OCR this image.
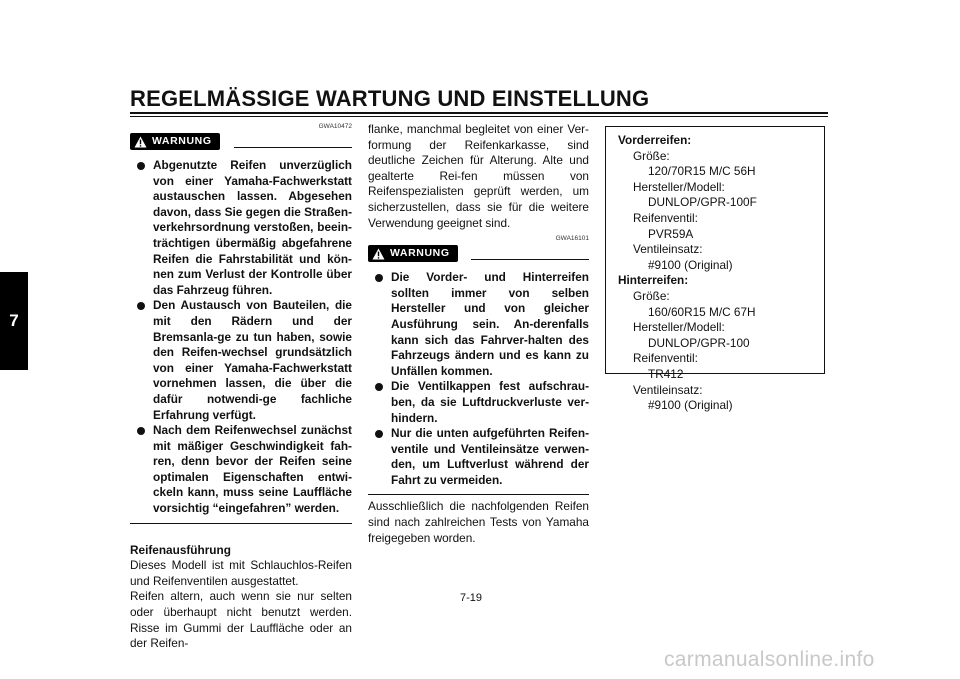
REGELMÄSSIGE WARTUNG UND EINSTELLUNG
7
GWA10472
WARNUNG
Abgenutzte Reifen unverzüglich von einer Yamaha-Fachwerkstatt austauschen lassen. Abgesehen davon, dass Sie gegen die Straßen-verkehrsordnung verstoßen, beein-trächtigen übermäßig abgefahrene Reifen die Fahrstabilität und kön-nen zum Verlust der Kontrolle über das Fahrzeug führen.
Den Austausch von Bauteilen, die mit den Rädern und der Bremsanla-ge zu tun haben, sowie den Reifen-wechsel grundsätzlich von einer Yamaha-Fachwerkstatt vornehmen lassen, die über die dafür notwendi-ge fachliche Erfahrung verfügt.
Nach dem Reifenwechsel zunächst mit mäßiger Geschwindigkeit fah-ren, denn bevor der Reifen seine optimalen Eigenschaften entwi-ckeln kann, muss seine Lauffläche vorsichtig “eingefahren” werden.
Reifenausführung

Dieses Modell ist mit Schlauchlos-Reifen und Reifenventilen ausgestattet.

Reifen altern, auch wenn sie nur selten oder überhaupt nicht benutzt werden. Risse im Gummi der Lauffläche oder an der Reifen-

flanke, manchmal begleitet von einer Ver-formung der Reifenkarkasse, sind deutliche Zeichen für Alterung. Alte und gealterte Rei-fen müssen von Reifenspezialisten geprüft werden, um sicherzustellen, dass sie für die weitere Verwendung geeignet sind.

GWA16101
WARNUNG
Die Vorder- und Hinterreifen sollten immer von selben Hersteller und von gleicher Ausführung sein. An-derenfalls kann sich das Fahrver-halten des Fahrzeugs ändern und es kann zu Unfällen kommen.
Die Ventilkappen fest aufschrau-ben, da sie Luftdruckverluste ver-hindern.
Nur die unten aufgeführten Reifen-ventile und Ventileinsätze verwen-den, um Luftverlust während der Fahrt zu vermeiden.

Ausschließlich die nachfolgenden Reifen sind nach zahlreichen Tests von Yamaha freigegeben worden.

Vorderreifen:
Größe:
120/70R15 M/C 56H
Hersteller/Modell:
DUNLOP/GPR-100F
Reifenventil:
PVR59A
Ventileinsatz:
#9100 (Original)
Hinterreifen:
Größe:
160/60R15 M/C 67H
Hersteller/Modell:
DUNLOP/GPR-100
Reifenventil:
TR412
Ventileinsatz:
#9100 (Original)
7-19
carmanualsonline.info
